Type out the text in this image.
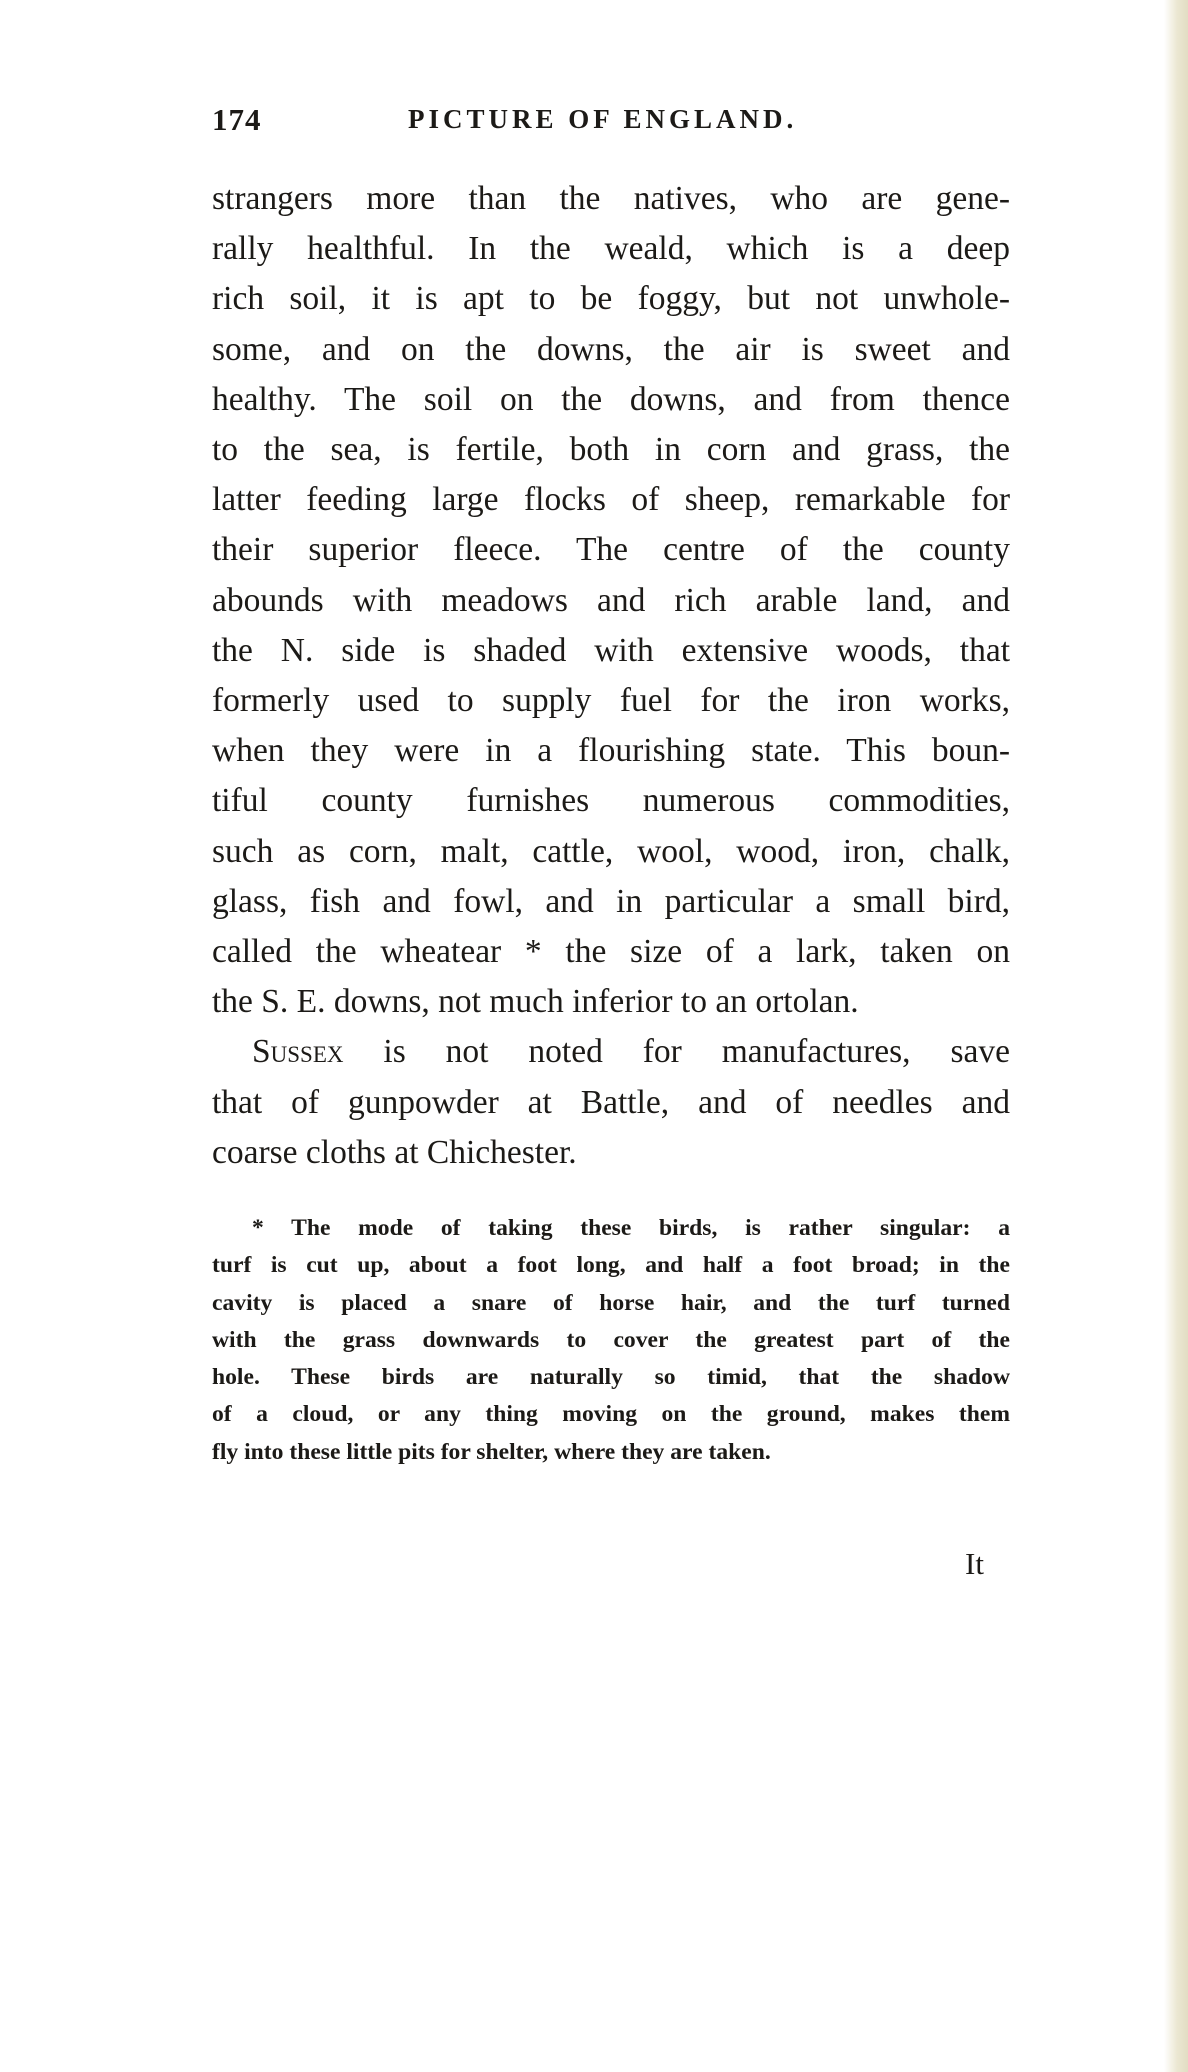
174	PICTURE OF ENGLAND.
strangers more than the natives, who are gene-
rally healthful. In the weald, which is a deep
rich soil, it is apt to be foggy, but not unwhole-
some, and on the downs, the air is sweet and
healthy. The soil on the downs, and from thence
to the sea, is fertile, both in corn and grass, the
latter feeding large flocks of sheep, remarkable for
their superior fleece. The centre of the county
abounds with meadows and rich arable land, and
the N. side is shaded with extensive woods, that
formerly used to supply fuel for the iron works,
when they were in a flourishing state. This boun-
tiful county furnishes numerous commodities,
such as corn, malt, cattle, wool, wood, iron, chalk,
glass, fish and fowl, and in particular a small bird,
called the wheatear * the size of a lark, taken on
the S. E. downs, not much inferior to an ortolan.
Sussex is not noted for manufactures, save
that of gunpowder at Battle, and of needles and
coarse cloths at Chichester.
* The mode of taking these birds, is rather singular: a
turf is cut up, about a foot long, and half a foot broad; in the
cavity is placed a snare of horse hair, and the turf turned
with the grass downwards to cover the greatest part of the
hole. These birds are naturally so timid, that the shadow
of a cloud, or any thing moving on the ground, makes them
fly into these little pits for shelter, where they are taken.
It
